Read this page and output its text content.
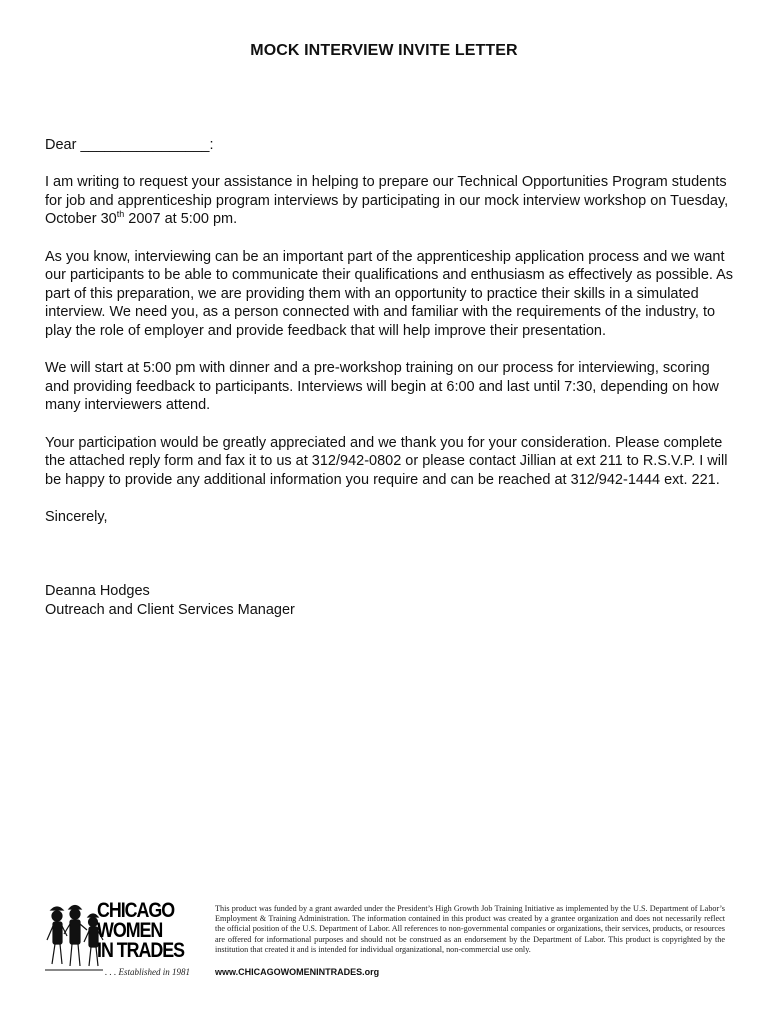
MOCK INTERVIEW INVITE LETTER

Dear ________________:

I am writing to request your assistance in helping to prepare our Technical Opportunities Program students for job and apprenticeship program interviews by participating in our mock interview workshop on Tuesday, October 30th 2007 at 5:00 pm.

As you know, interviewing can be an important part of the apprenticeship application process and we want our participants to be able to communicate their qualifications and enthusiasm as effectively as possible. As part of this preparation, we are providing them with an opportunity to practice their skills in a simulated interview. We need you, as a person connected with and familiar with the requirements of the industry, to play the role of employer and provide feedback that will help improve their presentation.

We will start at 5:00 pm with dinner and a pre-workshop training on our process for interviewing, scoring and providing feedback to participants. Interviews will begin at 6:00 and last until 7:30, depending on how many interviewers attend.

Your participation would be greatly appreciated and we thank you for your consideration. Please complete the attached reply form and fax it to us at 312/942-0802 or please contact Jillian at ext 211 to R.S.V.P. I will be happy to provide any additional information you require and can be reached at 312/942-1444 ext. 221.

Sincerely,

Deanna Hodges
Outreach and Client Services Manager
CHICAGO
WOMEN
IN TRADES
. . . Established in 1981
This product was funded by a grant awarded under the President’s High Growth Job Training Initiative as implemented by the U.S. Department of Labor’s Employment & Training Administration. The information contained in this product was created by a grantee organization and does not necessarily reflect the official position of the U.S. Department of Labor. All references to non-governmental companies or organizations, their services, products, or resources are offered for informational purposes and should not be construed as an endorsement by the Department of Labor. This product is copyrighted by the institution that created it and is intended for individual organizational, non-commercial use only.
www.CHICAGOWOMENINTRADES.org
